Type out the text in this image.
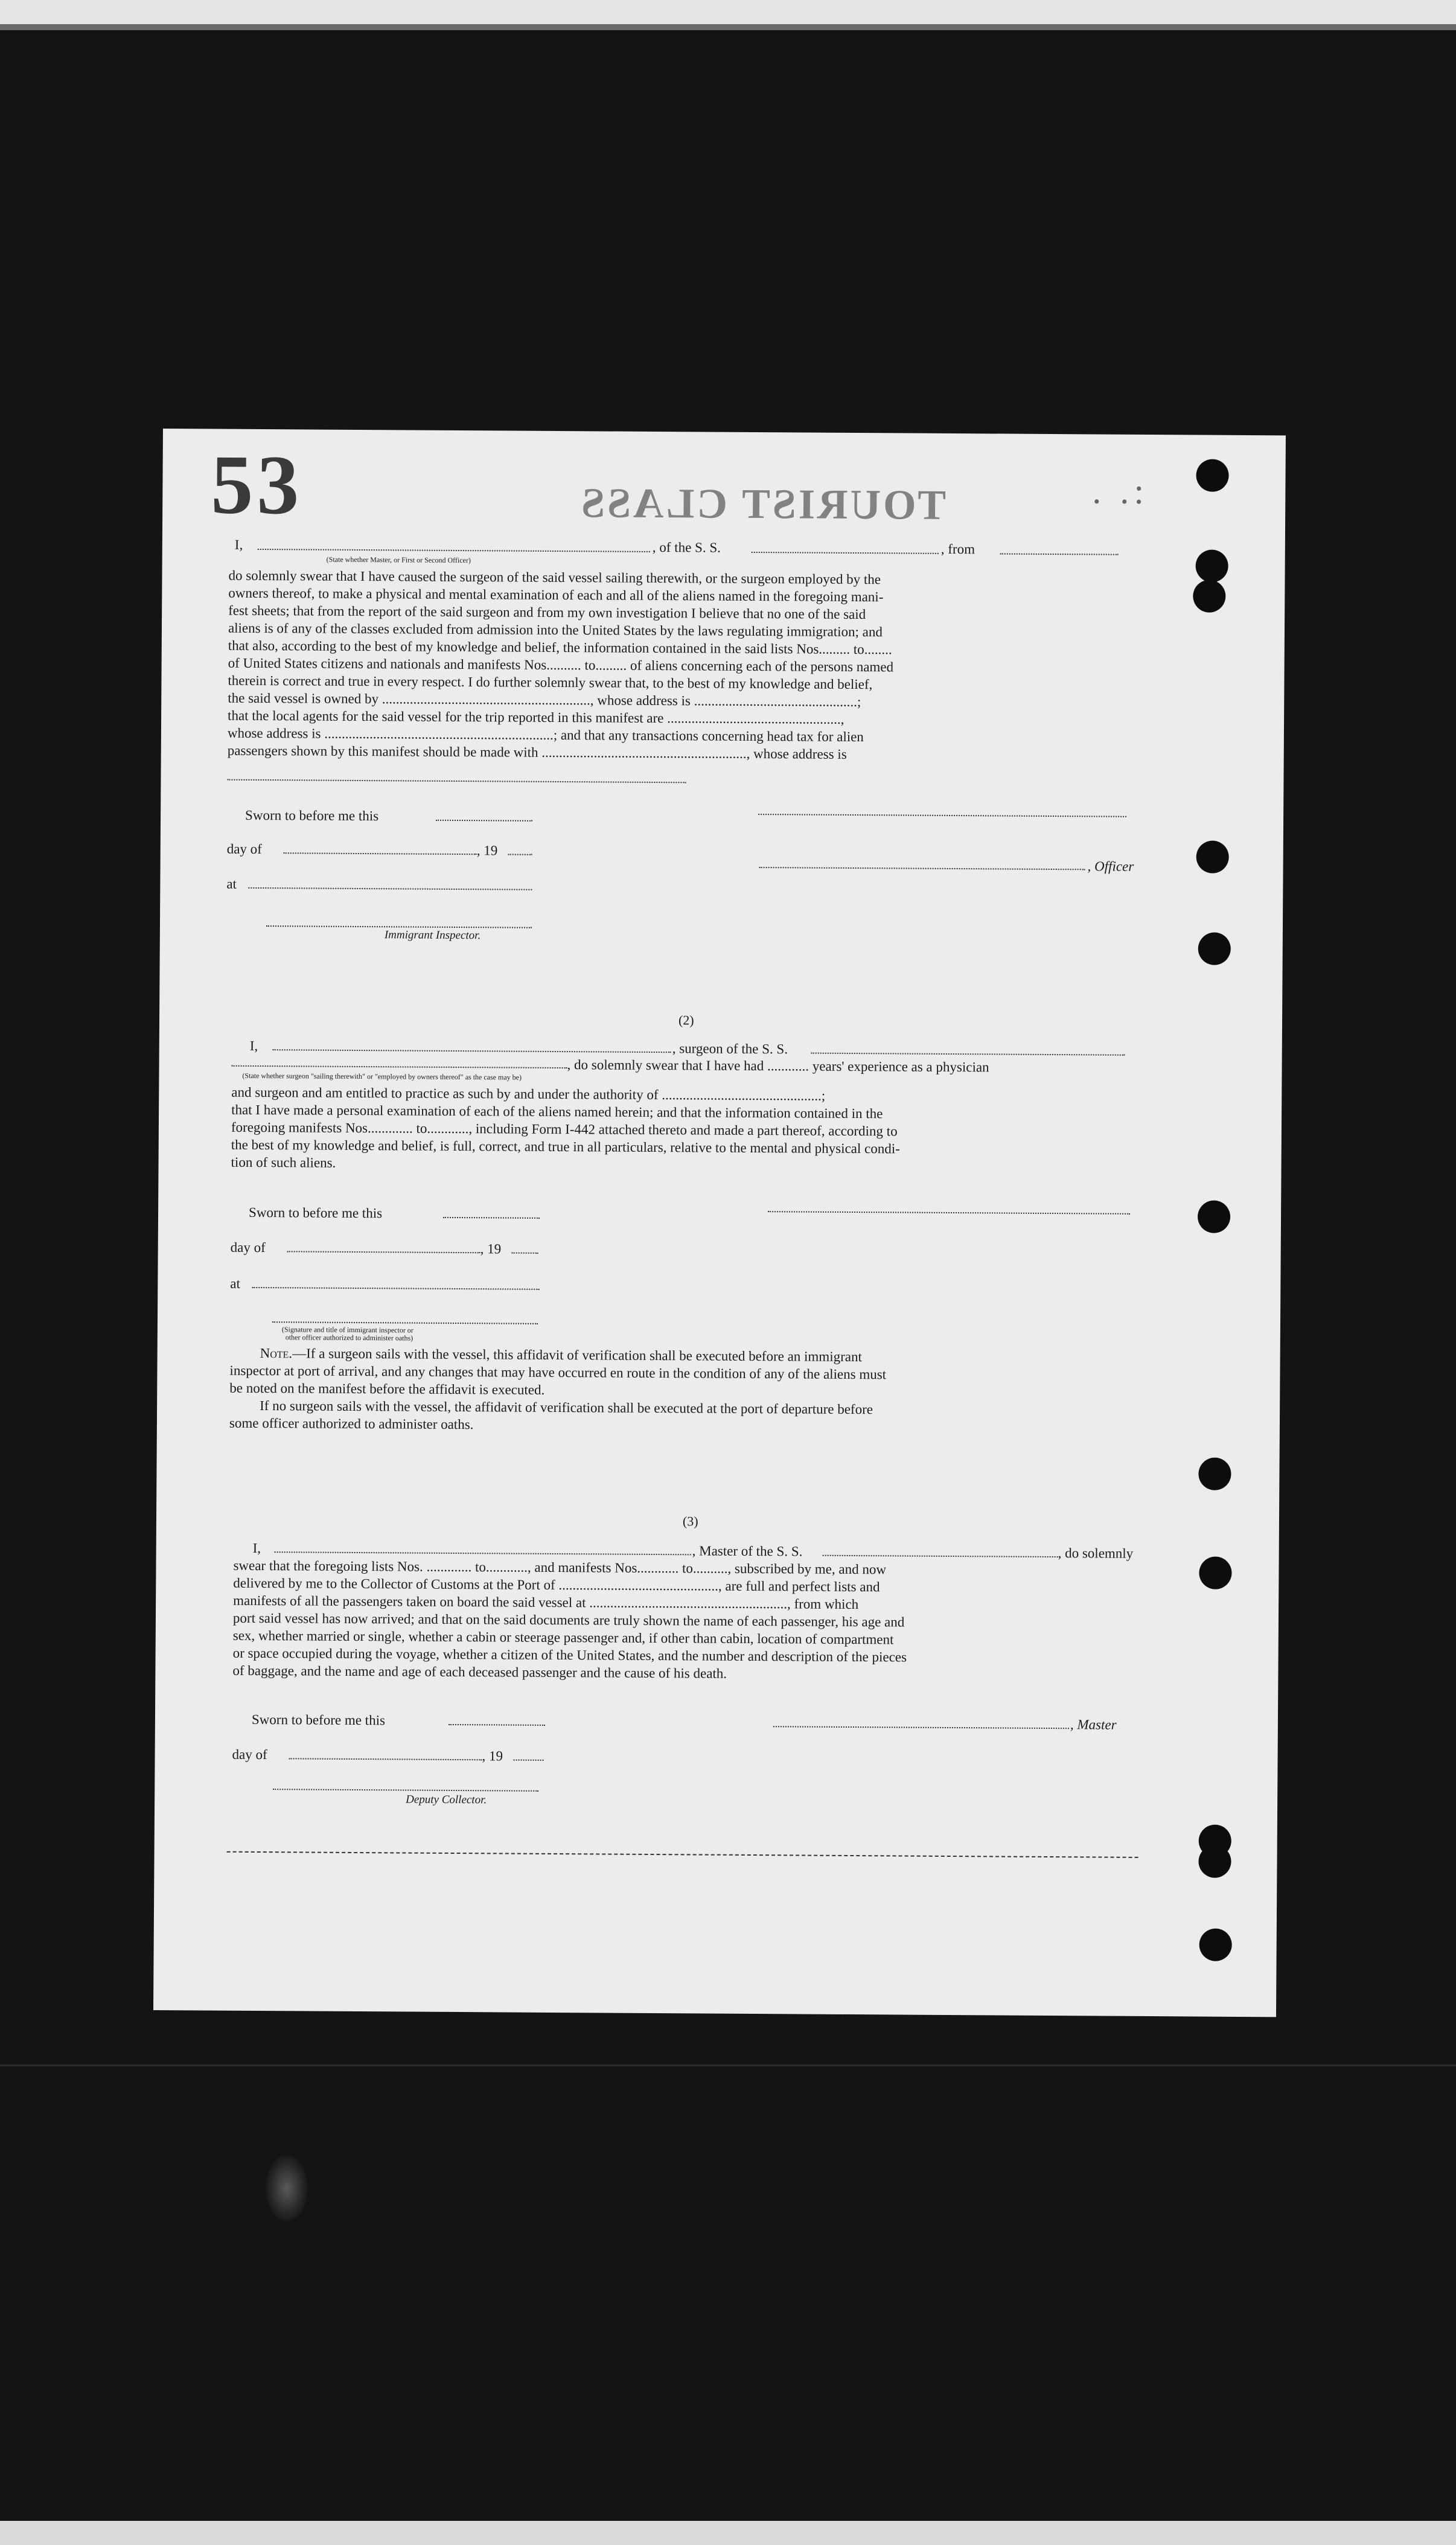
53	TOURIST CLASS	. .:
I,	, of the S. S.	, from
(State whether Master, or First or Second Officer)
do solemnly swear that I have caused the surgeon of the said vessel sailing therewith, or the surgeon employed by the
owners thereof, to make a physical and mental examination of each and all of the aliens named in the foregoing mani-
fest sheets; that from the report of the said surgeon and from my own investigation I believe that no one of the said
aliens is of any of the classes excluded from admission into the United States by the laws regulating immigration; and
that also, according to the best of my knowledge and belief, the information contained in the said lists Nos......... to........
of United States citizens and nationals and manifests Nos.......... to......... of aliens concerning each of the persons named
therein is correct and true in every respect. I do further solemnly swear that, to the best of my knowledge and belief,
the said vessel is owned by ............................................................, whose address is ...............................................;
that the local agents for the said vessel for the trip reported in this manifest are ..................................................,
whose address is ..................................................................; and that any transactions concerning head tax for alien
passengers shown by this manifest should be made with ..........................................................., whose address is
Sworn to before me this
day of	, 19
, Officer
at
Immigrant Inspector.
(2)
I,	, surgeon of the S. S.
, do solemnly swear that I have had ............ years' experience as a physician
(State whether surgeon "sailing therewith" or "employed by owners thereof" as the case may be)
and surgeon and am entitled to practice as such by and under the authority of ..............................................;
that I have made a personal examination of each of the aliens named herein; and that the information contained in the
foregoing manifests Nos............. to............, including Form I-442 attached thereto and made a part thereof, according to
the best of my knowledge and belief, is full, correct, and true in all particulars, relative to the mental and physical condi-
tion of such aliens.
Sworn to before me this
day of	, 19
at
(Signature and title of immigrant inspector or
other officer authorized to administer oaths)
Note.—If a surgeon sails with the vessel, this affidavit of verification shall be executed before an immigrant
inspector at port of arrival, and any changes that may have occurred en route in the condition of any of the aliens must
be noted on the manifest before the affidavit is executed.
If no surgeon sails with the vessel, the affidavit of verification shall be executed at the port of departure before
some officer authorized to administer oaths.
(3)
I,	, Master of the S. S.	, do solemnly
swear that the foregoing lists Nos. ............. to............, and manifests Nos............ to.........., subscribed by me, and now
delivered by me to the Collector of Customs at the Port of .............................................., are full and perfect lists and
manifests of all the passengers taken on board the said vessel at ........................................................., from which
port said vessel has now arrived; and that on the said documents are truly shown the name of each passenger, his age and
sex, whether married or single, whether a cabin or steerage passenger and, if other than cabin, location of compartment
or space occupied during the voyage, whether a citizen of the United States, and the number and description of the pieces
of baggage, and the name and age of each deceased passenger and the cause of his death.
Sworn to before me this	, Master
day of	, 19
Deputy Collector.
